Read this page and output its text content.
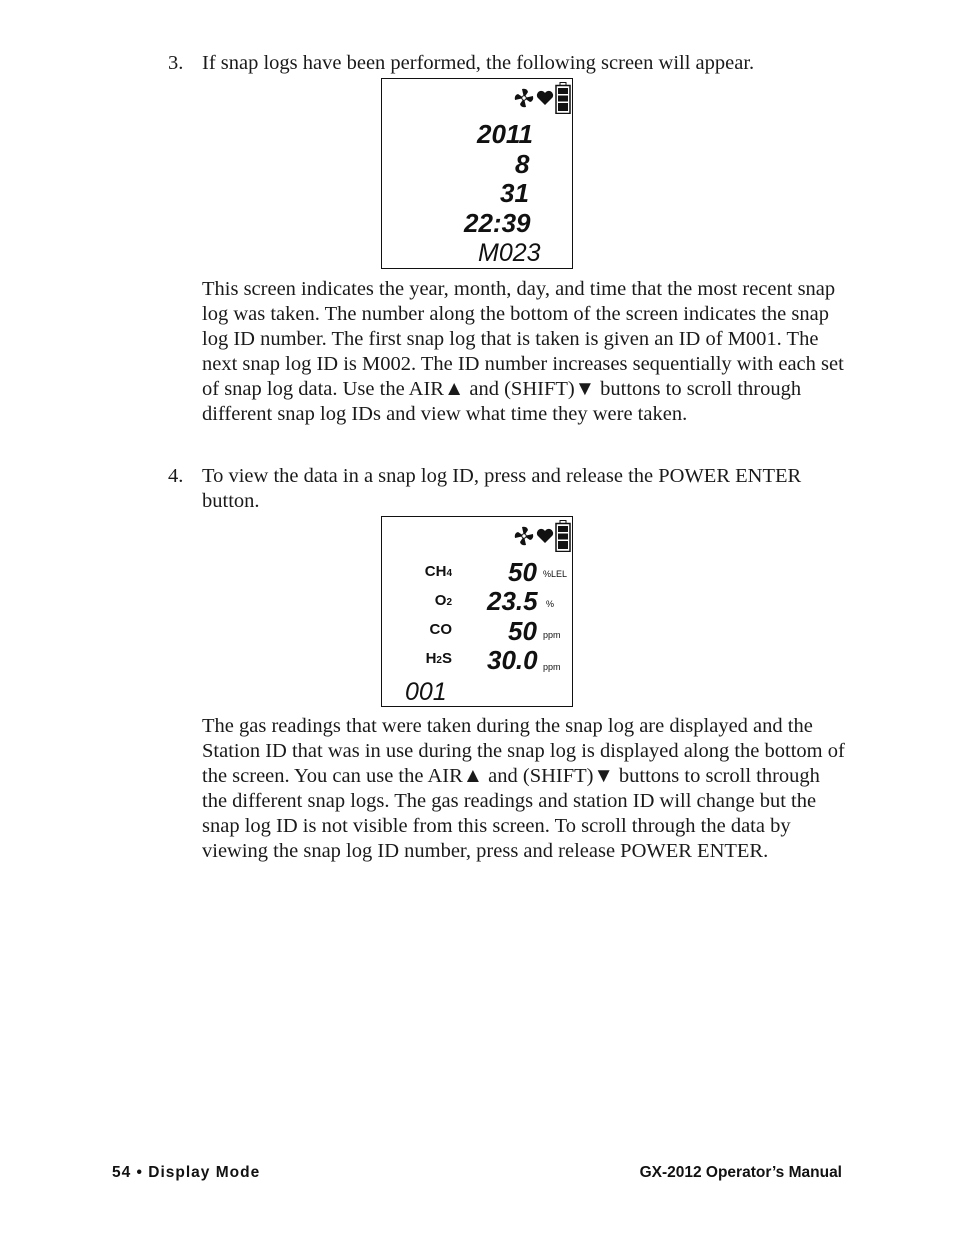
3. If snap logs have been performed, the following screen will appear.
2011
8
31
22:39
M023

This screen indicates the year, month, day, and time that the most recent snap log was taken. The number along the bottom of the screen indicates the snap log ID number. The first snap log that is taken is given an ID of M001. The next snap log ID is M002. The ID number increases sequentially with each set of snap log data. Use the AIR▲ and (SHIFT)▼ buttons to scroll through different snap log IDs and view what time they were taken.

4. To view the data in a snap log ID, press and release the POWER ENTER button.
CH4 50 %LEL
O2 23.5 %
CO 50 ppm
H2S 30.0 ppm
001

The gas readings that were taken during the snap log are displayed and the Station ID that was in use during the snap log is displayed along the bottom of the screen. You can use the AIR▲ and (SHIFT)▼ buttons to scroll through the different snap logs. The gas readings and station ID will change but the snap log ID is not visible from this screen. To scroll through the data by viewing the snap log ID number, press and release POWER ENTER.

54 • Display Mode	GX-2012 Operator’s Manual
